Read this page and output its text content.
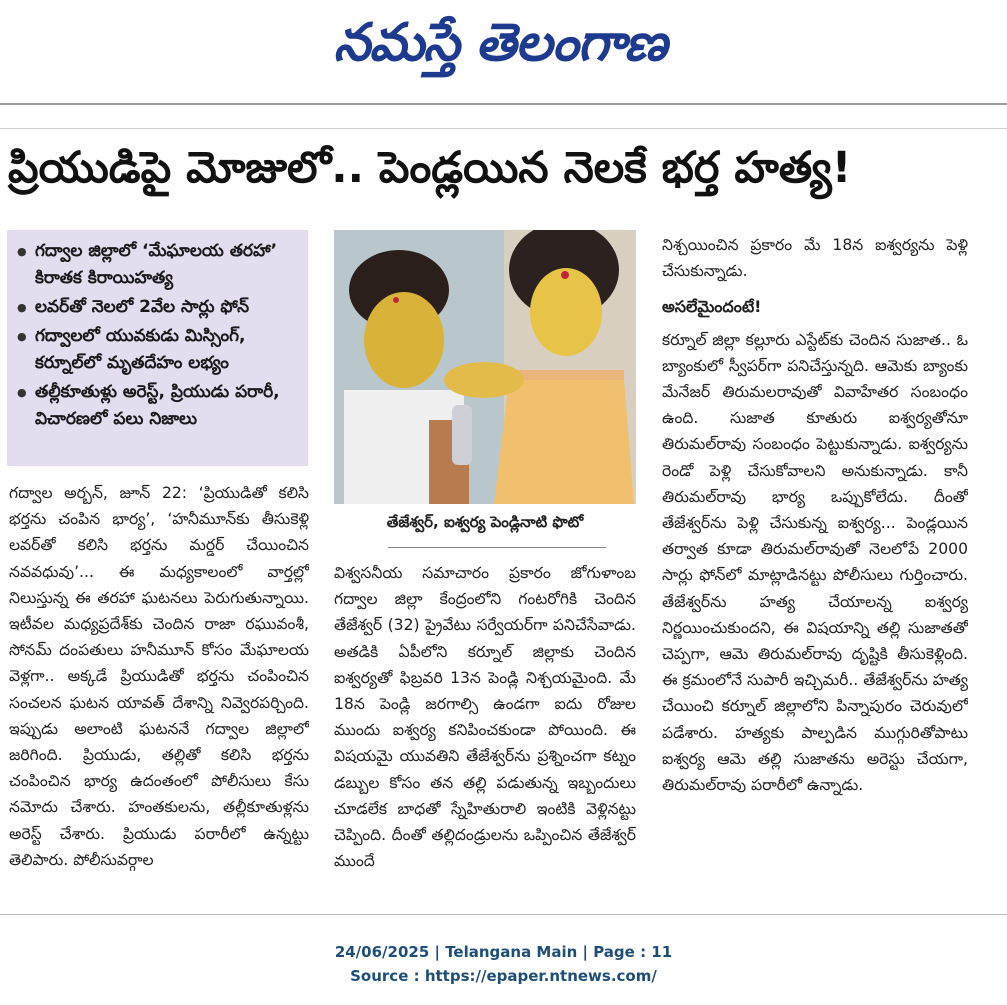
నమస్తే తెలంగాణ
ప్రియుడిపై మోజులో.. పెండ్లయిన నెలకే భర్త హత్య!
● గద్వాల జిల్లాలో ‘మేఘాలయ తరహా’ కిరాతక కిరాయిహత్య
● లవర్‌తో నెలలో 2వేల సార్లు ఫోన్
● గద్వాలలో యువకుడు మిస్సింగ్, కర్నూల్‌లో మృతదేహం లభ్యం
● తల్లీకూతుళ్లు అరెస్ట్, ప్రియుడు పరారీ, విచారణలో పలు నిజాలు

గద్వాల అర్బన్, జూన్ 22: ‘ప్రియుడితో కలిసి భర్తను చంపిన భార్య’, ‘హనీమూన్‌కు తీసుకెళ్లి లవర్‌తో కలిసి భర్తను మర్డర్ చేయించిన నవవధువు’... ఈ మధ్యకాలంలో వార్తల్లో నిలుస్తున్న ఈ తరహా ఘటనలు పెరుగుతున్నాయి. ఇటీవల మధ్యప్రదేశ్‌కు చెందిన రాజా రఘువంశీ, సోనమ్ దంపతులు హనీమూన్ కోసం మేఘాలయ వెళ్లగా.. అక్కడే ప్రియుడితో భర్తను చంపించిన సంచలన ఘటన యావత్ దేశాన్ని నివ్వెరపర్చింది. ఇప్పుడు అలాంటి ఘటననే గద్వాల జిల్లాలో జరిగింది. ప్రియుడు, తల్లితో కలిసి భర్తను చంపించిన భార్య ఉదంతంలో పోలీసులు కేసు నమోదు చేశారు. హంతకులను, తల్లీకూతుళ్లను అరెస్ట్ చేశారు. ప్రియుడు పరారీలో ఉన్నట్టు తెలిపారు. పోలీసువర్గాల

తేజేశ్వర్, ఐశ్వర్య పెండ్లినాటి ఫొటో

విశ్వసనీయ సమాచారం ప్రకారం జోగుళాంబ గద్వాల జిల్లా కేంద్రంలోని గంటరోగికి చెందిన తేజేశ్వర్ (32) ప్రైవేటు సర్వేయర్‌గా పనిచేసేవాడు. అతడికి ఏపీలోని కర్నూల్ జిల్లాకు చెందిన ఐశ్వర్యతో ఫిబ్రవరి 13న పెండ్లి నిశ్చయమైంది. మే 18న పెండ్లి జరగాల్సి ఉండగా ఐదు రోజుల ముందు ఐశ్వర్య కనిపించకుండా పోయింది. ఈ విషయమై యువతిని తేజేశ్వర్‌ను ప్రశ్నించగా కట్నం డబ్బుల కోసం తన తల్లి పడుతున్న ఇబ్బందులు చూడలేక బాధతో స్నేహితురాలి ఇంటికి వెళ్లినట్టు చెప్పింది. దీంతో తల్లిదండ్రులను ఒప్పించిన తేజేశ్వర్ ముందే

నిశ్చయించిన ప్రకారం మే 18న ఐశ్వర్యను పెళ్లి చేసుకున్నాడు.

అసలేమైందంటే!

కర్నూల్ జిల్లా కల్లూరు ఎస్టేట్‌కు చెందిన సుజాత.. ఓ బ్యాంకులో స్వీపర్‌గా పనిచేస్తున్నది. ఆమెకు బ్యాంకు మేనేజర్ తిరుమలరావుతో వివాహేతర సంబంధం ఉంది. సుజాత కూతురు ఐశ్వర్యతోనూ తిరుమల్‌రావు సంబంధం పెట్టుకున్నాడు. ఐశ్వర్యను రెండో పెళ్లి చేసుకోవాలని అనుకున్నాడు. కానీ తిరుమల్‌రావు భార్య ఒప్పుకోలేదు. దీంతో తేజేశ్వర్‌ను పెళ్లి చేసుకున్న ఐశ్వర్య... పెండ్లయిన తర్వాత కూడా తిరుమల్‌రావుతో నెలలోపే 2000 సార్లు ఫోన్‌లో మాట్లాడినట్టు పోలీసులు గుర్తించారు. తేజేశ్వర్‌ను హత్య చేయాలన్న ఐశ్వర్య నిర్ణయించుకుందని, ఈ విషయాన్ని తల్లి సుజాతతో చెప్పగా, ఆమె తిరుమల్‌రావు దృష్టికి తీసుకెళ్లింది. ఈ క్రమంలోనే సుపారీ ఇచ్చిమరీ.. తేజేశ్వర్‌ను హత్య చేయించి కర్నూల్ జిల్లాలోని పిన్నాపురం చెరువులో పడేశారు. హత్యకు పాల్పడిన ముగ్గురితోపాటు ఐశ్వర్య ఆమె తల్లి సుజాతను అరెస్టు చేయగా, తిరుమల్‌రావు పరారీలో ఉన్నాడు.

24/06/2025 | Telangana Main | Page : 11
Source : https://epaper.ntnews.com/
